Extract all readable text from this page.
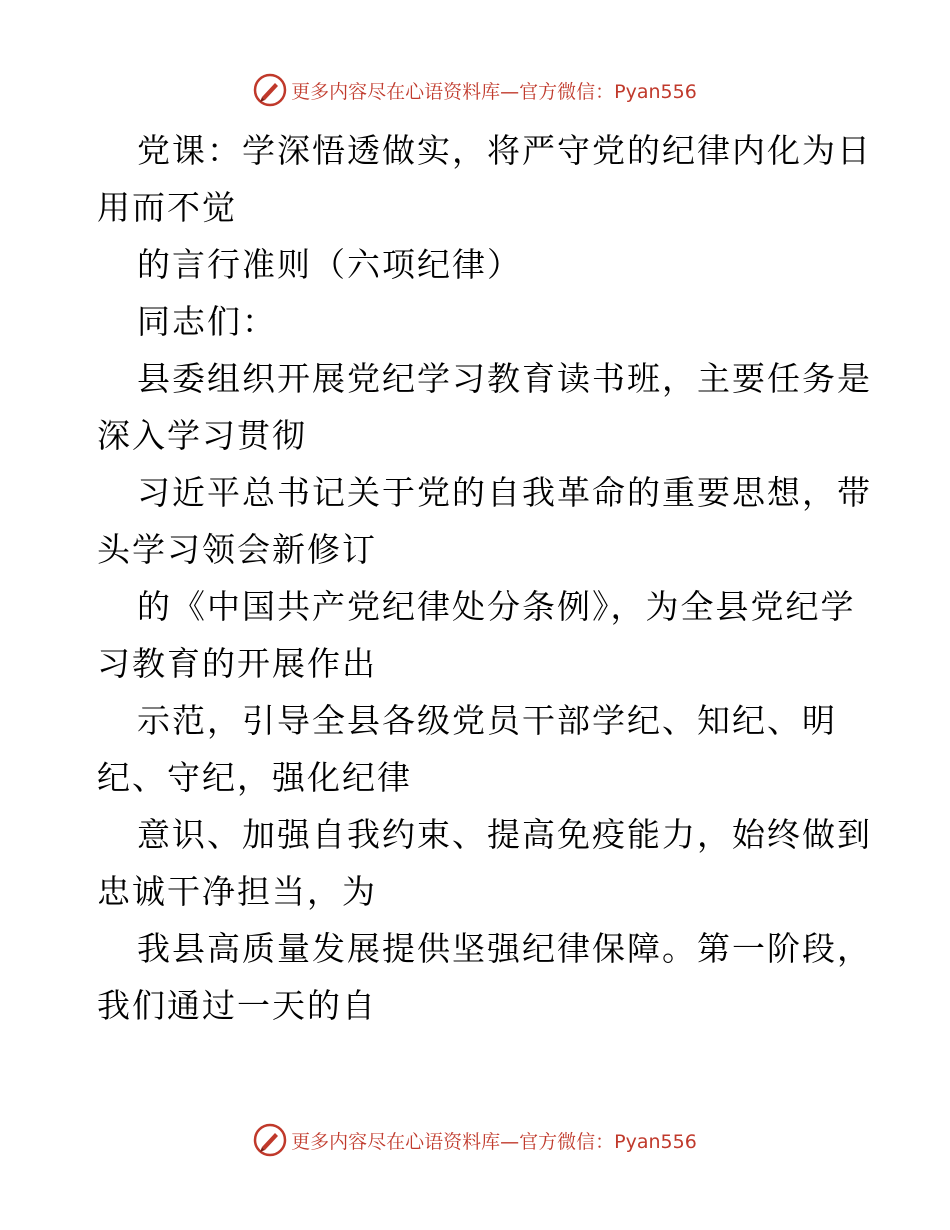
更多内容尽在心语资料库—官方微信：Pyan556
党课：学深悟透做实，将严守党的纪律内化为日
用而不觉
的言行准则（六项纪律）
同志们：
县委组织开展党纪学习教育读书班，主要任务是
深入学习贯彻
习近平总书记关于党的自我革命的重要思想，带
头学习领会新修订
的《中国共产党纪律处分条例》，为全县党纪学
习教育的开展作出
示范，引导全县各级党员干部学纪、知纪、明
纪、守纪，强化纪律
意识、加强自我约束、提高免疫能力，始终做到
忠诚干净担当，为
我县高质量发展提供坚强纪律保障。第一阶段，
我们通过一天的自
更多内容尽在心语资料库—官方微信：Pyan556
